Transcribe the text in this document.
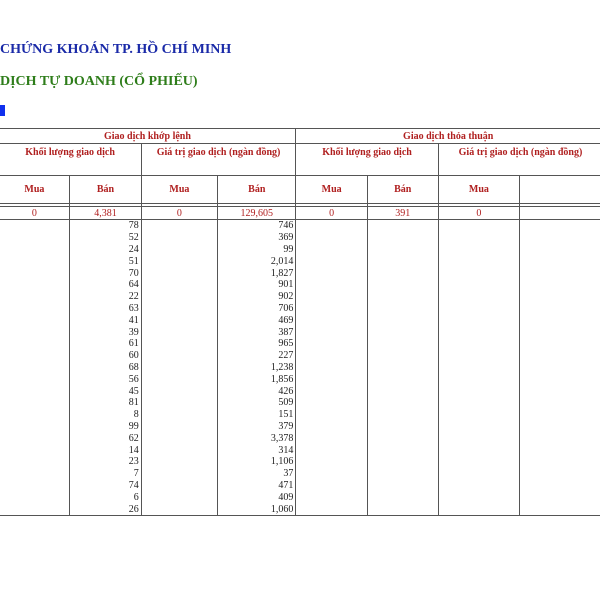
CHỨNG KHOÁN TP. HỒ CHÍ MINH
DỊCH TỰ DOANH (CỔ PHIẾU)
	Giao dịch khớp lệnh				Giao dịch thỏa thuận			
	Khối lượng giao dịch		Giá trị giao dịch (ngàn đồng)		Khối lượng giao dịch		Giá trị giao dịch (ngàn đồng)	
	Mua	Bán	Mua	Bán	Mua	Bán	Mua	

	0	4,381	0	129,605	0	391	0	
		78		746				
		52		369				
		24		99				
		51		2,014				
		70		1,827				
		64		901				
		22		902				
		63		706				
		41		469				
		39		387				
		61		965				
		60		227				
		68		1,238				
		56		1,856				
		45		426				
		81		509				
		8		151				
		99		379				
		62		3,378				
		14		314				
		23		1,106				
		7		37				
		74		471				
		6		409				
		26		1,060				
